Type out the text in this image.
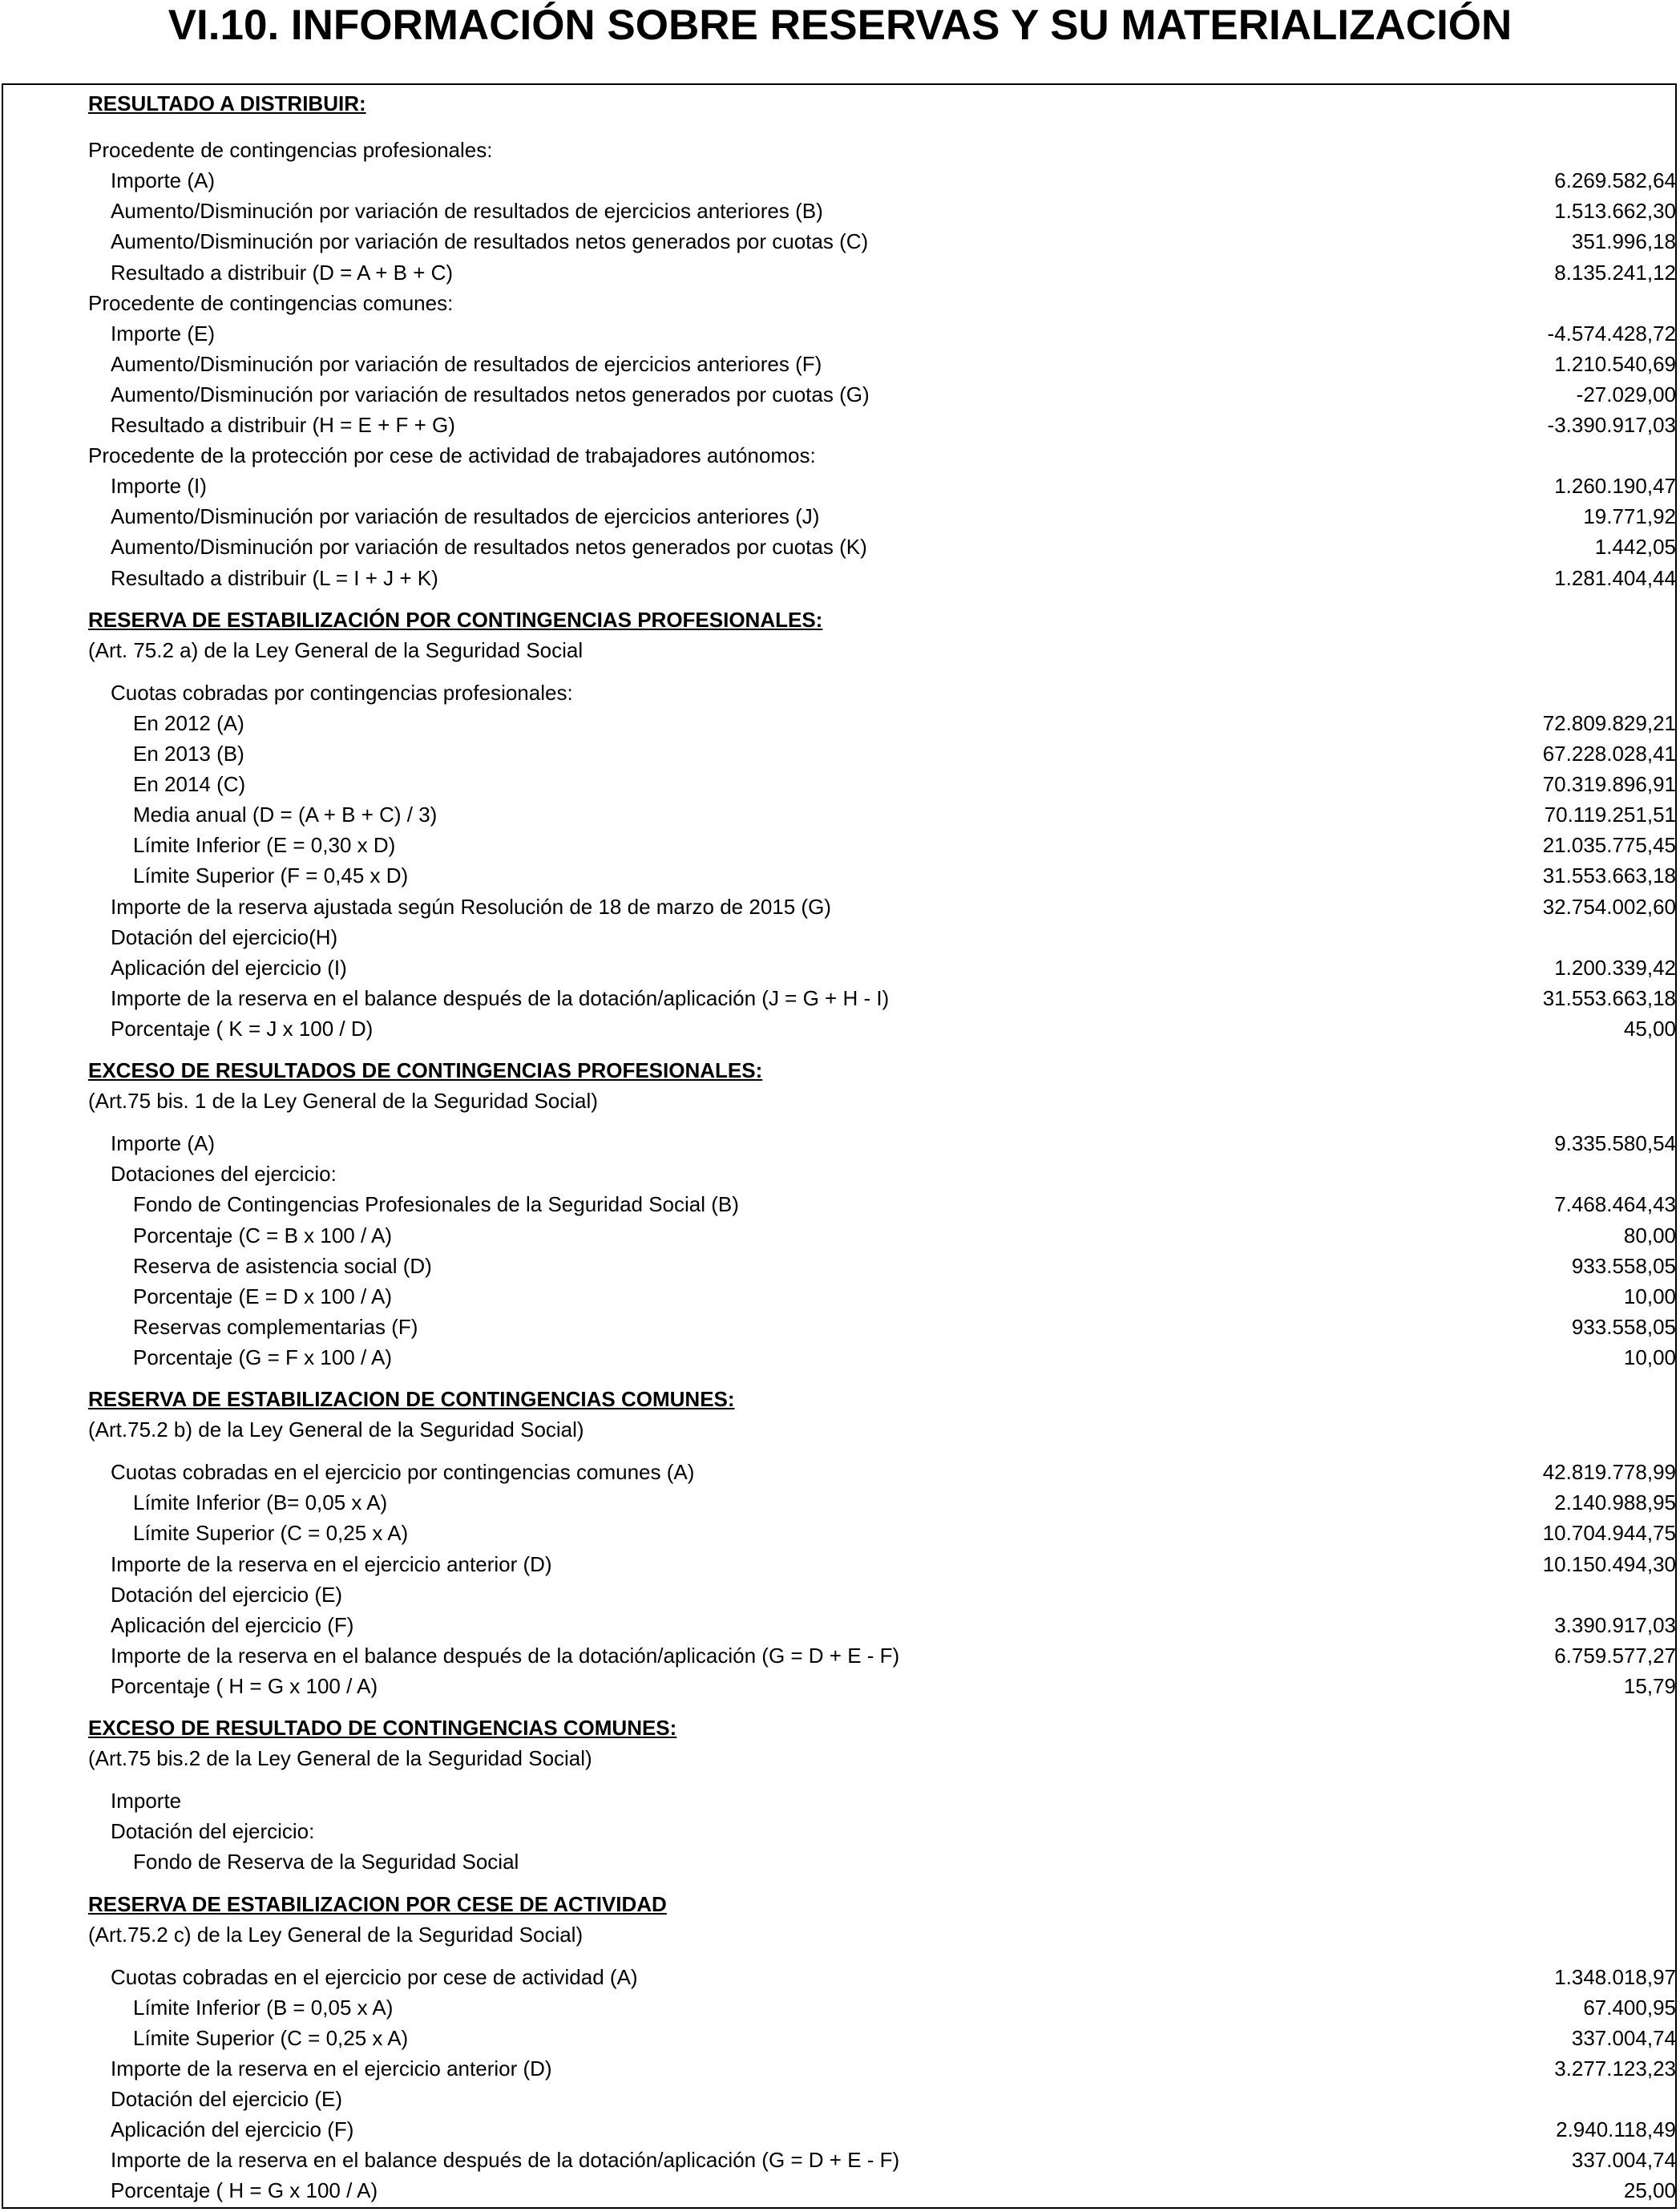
VI.10. INFORMACIÓN SOBRE RESERVAS Y SU MATERIALIZACIÓN
RESULTADO A DISTRIBUIR:
Procedente de contingencias profesionales:
Importe (A)	6.269.582,64
Aumento/Disminución por variación de resultados de ejercicios anteriores (B)	1.513.662,30
Aumento/Disminución por variación de resultados netos generados por cuotas (C)	351.996,18
Resultado a distribuir (D = A + B + C)	8.135.241,12
Procedente de contingencias comunes:
Importe (E)	-4.574.428,72
Aumento/Disminución por variación de resultados de ejercicios anteriores (F)	1.210.540,69
Aumento/Disminución por variación de resultados netos generados por cuotas (G)	-27.029,00
Resultado a distribuir (H = E + F + G)	-3.390.917,03
Procedente de la protección por cese de actividad de trabajadores autónomos:
Importe (I)	1.260.190,47
Aumento/Disminución por variación de resultados de ejercicios anteriores (J)	19.771,92
Aumento/Disminución por variación de resultados netos generados por cuotas (K)	1.442,05
Resultado a distribuir (L = I + J + K)	1.281.404,44
RESERVA DE ESTABILIZACIÓN POR CONTINGENCIAS PROFESIONALES:
(Art. 75.2 a) de la Ley General de la Seguridad Social
Cuotas cobradas por contingencias profesionales:
En 2012 (A)	72.809.829,21
En 2013 (B)	67.228.028,41
En 2014 (C)	70.319.896,91
Media anual (D = (A + B + C) / 3)	70.119.251,51
Límite Inferior (E = 0,30 x D)	21.035.775,45
Límite Superior (F = 0,45 x D)	31.553.663,18
Importe de la reserva ajustada según Resolución de 18 de marzo de 2015 (G)	32.754.002,60
Dotación del ejercicio(H)
Aplicación del ejercicio (I)	1.200.339,42
Importe de la reserva en el balance después de la dotación/aplicación (J = G + H - I)	31.553.663,18
Porcentaje ( K = J x 100 / D)	45,00
EXCESO DE RESULTADOS DE CONTINGENCIAS PROFESIONALES:
(Art.75 bis. 1 de la Ley General de la Seguridad Social)
Importe (A)	9.335.580,54
Dotaciones del ejercicio:
Fondo de Contingencias Profesionales de la Seguridad Social (B)	7.468.464,43
Porcentaje (C = B x 100 / A)	80,00
Reserva de asistencia social (D)	933.558,05
Porcentaje (E = D x 100 / A)	10,00
Reservas complementarias (F)	933.558,05
Porcentaje (G = F x 100 / A)	10,00
RESERVA DE ESTABILIZACION DE CONTINGENCIAS COMUNES:
(Art.75.2 b) de la Ley General de la Seguridad Social)
Cuotas cobradas en el ejercicio por contingencias comunes (A)	42.819.778,99
Límite Inferior (B= 0,05 x A)	2.140.988,95
Límite Superior (C = 0,25 x A)	10.704.944,75
Importe de la reserva en el ejercicio anterior (D)	10.150.494,30
Dotación del ejercicio (E)
Aplicación del ejercicio (F)	3.390.917,03
Importe de la reserva en el balance después de la dotación/aplicación (G = D + E - F)	6.759.577,27
Porcentaje ( H = G x 100 / A)	15,79
EXCESO DE RESULTADO DE CONTINGENCIAS COMUNES:
(Art.75 bis.2 de la Ley General de la Seguridad Social)
Importe
Dotación del ejercicio:
Fondo de Reserva de la Seguridad Social
RESERVA DE ESTABILIZACION POR CESE DE ACTIVIDAD
(Art.75.2 c) de la Ley General de la Seguridad Social)
Cuotas cobradas en el ejercicio por cese de actividad (A)	1.348.018,97
Límite Inferior (B = 0,05 x A)	67.400,95
Límite Superior (C = 0,25 x A)	337.004,74
Importe de la reserva en el ejercicio anterior (D)	3.277.123,23
Dotación del ejercicio (E)
Aplicación del ejercicio (F)	2.940.118,49
Importe de la reserva en el balance después de la dotación/aplicación (G = D + E - F)	337.004,74
Porcentaje ( H = G x 100 / A)	25,00
